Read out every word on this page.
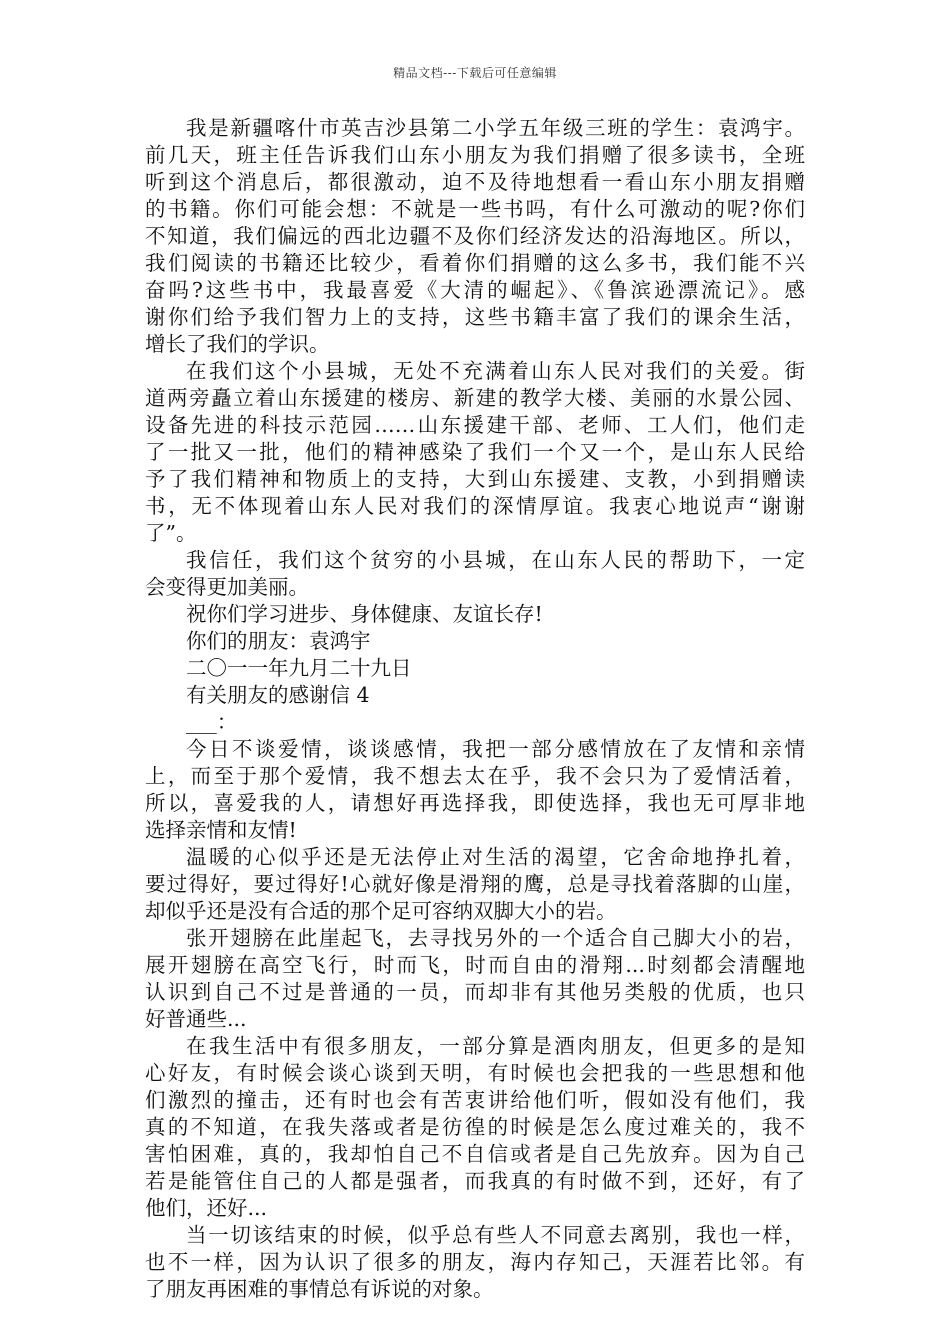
精品文档---下载后可任意编辑
我是新疆喀什市英吉沙县第二小学五年级三班的学生：袁鸿宇。
前几天，班主任告诉我们山东小朋友为我们捐赠了很多读书，全班
听到这个消息后，都很激动，迫不及待地想看一看山东小朋友捐赠
的书籍。你们可能会想：不就是一些书吗，有什么可激动的呢?你们
不知道，我们偏远的西北边疆不及你们经济发达的沿海地区。所以，
我们阅读的书籍还比较少，看着你们捐赠的这么多书，我们能不兴
奋吗?这些书中，我最喜爱《大清的崛起》、《鲁滨逊漂流记》。感
谢你们给予我们智力上的支持，这些书籍丰富了我们的课余生活，
增长了我们的学识。
在我们这个小县城，无处不充满着山东人民对我们的关爱。街
道两旁矗立着山东援建的楼房、新建的教学大楼、美丽的水景公园、
设备先进的科技示范园……山东援建干部、老师、工人们，他们走
了一批又一批，他们的精神感染了我们一个又一个，是山东人民给
予了我们精神和物质上的支持，大到山东援建、支教，小到捐赠读
书，无不体现着山东人民对我们的深情厚谊。我衷心地说声“谢谢
了”。
我信任，我们这个贫穷的小县城，在山东人民的帮助下，一定
会变得更加美丽。
祝你们学习进步、身体健康、友谊长存!
你们的朋友：袁鸿宇
二〇一一年九月二十九日
有关朋友的感谢信 4
___：
今日不谈爱情，谈谈感情，我把一部分感情放在了友情和亲情
上，而至于那个爱情，我不想去太在乎，我不会只为了爱情活着，
所以，喜爱我的人，请想好再选择我，即使选择，我也无可厚非地
选择亲情和友情!
温暖的心似乎还是无法停止对生活的渴望，它舍命地挣扎着，
要过得好，要过得好!心就好像是滑翔的鹰，总是寻找着落脚的山崖，
却似乎还是没有合适的那个足可容纳双脚大小的岩。
张开翅膀在此崖起飞，去寻找另外的一个适合自己脚大小的岩，
展开翅膀在高空飞行，时而飞，时而自由的滑翔...时刻都会清醒地
认识到自己不过是普通的一员，而却非有其他另类般的优质，也只
好普通些...
在我生活中有很多朋友，一部分算是酒肉朋友，但更多的是知
心好友，有时候会谈心谈到天明，有时候也会把我的一些思想和他
们激烈的撞击，还有时也会有苦衷讲给他们听，假如没有他们，我
真的不知道，在我失落或者是彷徨的时候是怎么度过难关的，我不
害怕困难，真的，我却怕自己不自信或者是自己先放弃。因为自己
若是能管住自己的人都是强者，而我真的有时做不到，还好，有了
他们，还好...
当一切该结束的时候，似乎总有些人不同意去离别，我也一样，
也不一样，因为认识了很多的朋友，海内存知己，天涯若比邻。有
了朋友再困难的事情总有诉说的对象。
